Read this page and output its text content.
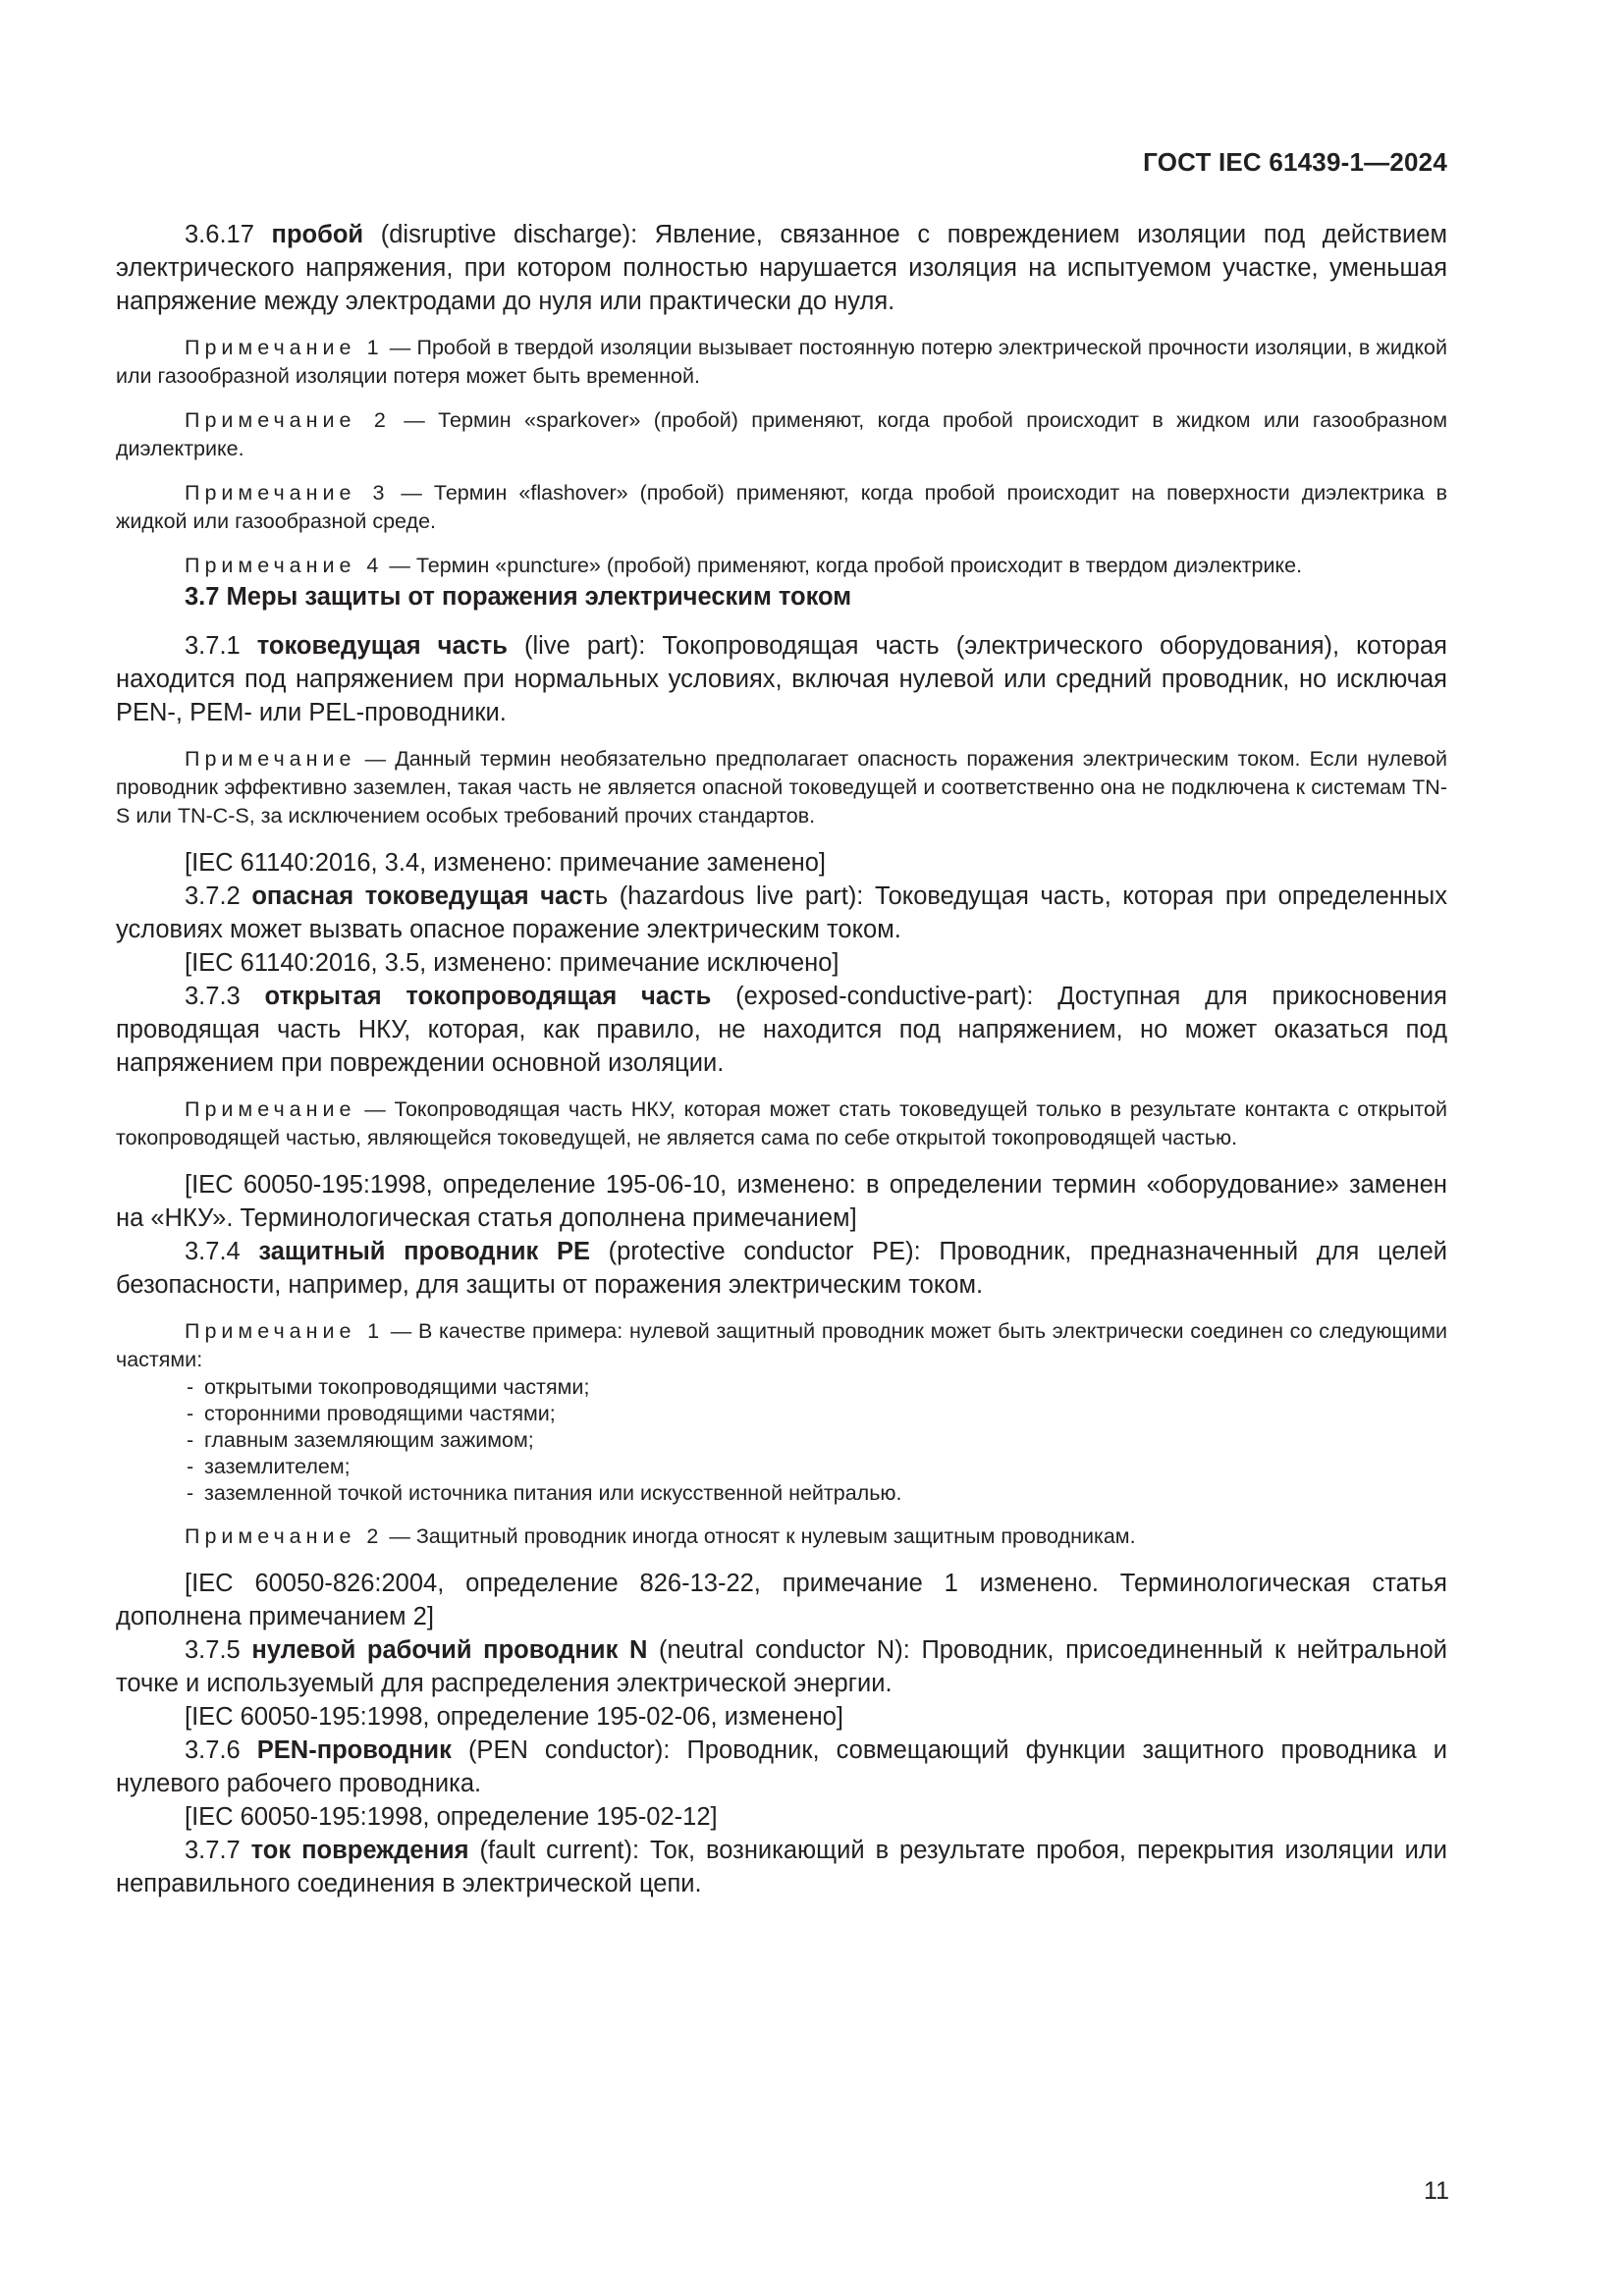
ГОСТ IEC 61439-1—2024

3.6.17 пробой (disruptive discharge): Явление, связанное с повреждением изоляции под действием электрического напряжения, при котором полностью нарушается изоляция на испытуемом участке, уменьшая напряжение между электродами до нуля или практически до нуля.

Примечание 1 — Пробой в твердой изоляции вызывает постоянную потерю электрической прочности изоляции, в жидкой или газообразной изоляции потеря может быть временной.

Примечание 2 — Термин «sparkover» (пробой) применяют, когда пробой происходит в жидком или газообразном диэлектрике.

Примечание 3 — Термин «flashover» (пробой) применяют, когда пробой происходит на поверхности диэлектрика в жидкой или газообразной среде.

Примечание 4 — Термин «puncture» (пробой) применяют, когда пробой происходит в твердом диэлектрике.

3.7 Меры защиты от поражения электрическим током

3.7.1 токоведущая часть (live part): Токопроводящая часть (электрического оборудования), которая находится под напряжением при нормальных условиях, включая нулевой или средний проводник, но исключая PEN-, PEM- или PEL-проводники.

Примечание — Данный термин необязательно предполагает опасность поражения электрическим током. Если нулевой проводник эффективно заземлен, такая часть не является опасной токоведущей и соответственно она не подключена к системам TN-S или TN-C-S, за исключением особых требований прочих стандартов.

[IEC 61140:2016, 3.4, изменено: примечание заменено]

3.7.2 опасная токоведущая часть (hazardous live part): Токоведущая часть, которая при определенных условиях может вызвать опасное поражение электрическим током.

[IEC 61140:2016, 3.5, изменено: примечание исключено]

3.7.3 открытая токопроводящая часть (exposed-conductive-part): Доступная для прикосновения проводящая часть НКУ, которая, как правило, не находится под напряжением, но может оказаться под напряжением при повреждении основной изоляции.

Примечание — Токопроводящая часть НКУ, которая может стать токоведущей только в результате контакта с открытой токопроводящей частью, являющейся токоведущей, не является сама по себе открытой токопроводящей частью.

[IEC 60050-195:1998, определение 195-06-10, изменено: в определении термин «оборудование» заменен на «НКУ». Терминологическая статья дополнена примечанием]

3.7.4 защитный проводник PE (protective conductor PE): Проводник, предназначенный для целей безопасности, например, для защиты от поражения электрическим током.

Примечание 1 — В качестве примера: нулевой защитный проводник может быть электрически соединен со следующими частями:

- открытыми токопроводящими частями;
- сторонними проводящими частями;
- главным заземляющим зажимом;
- заземлителем;
- заземленной точкой источника питания или искусственной нейтралью.

Примечание 2 — Защитный проводник иногда относят к нулевым защитным проводникам.

[IEC 60050-826:2004, определение 826-13-22, примечание 1 изменено. Терминологическая статья дополнена примечанием 2]

3.7.5 нулевой рабочий проводник N (neutral conductor N): Проводник, присоединенный к нейтральной точке и используемый для распределения электрической энергии.

[IEC 60050-195:1998, определение 195-02-06, изменено]

3.7.6 PEN-проводник (PEN conductor): Проводник, совмещающий функции защитного проводника и нулевого рабочего проводника.

[IEC 60050-195:1998, определение 195-02-12]

3.7.7 ток повреждения (fault current): Ток, возникающий в результате пробоя, перекрытия изоляции или неправильного соединения в электрической цепи.

11
